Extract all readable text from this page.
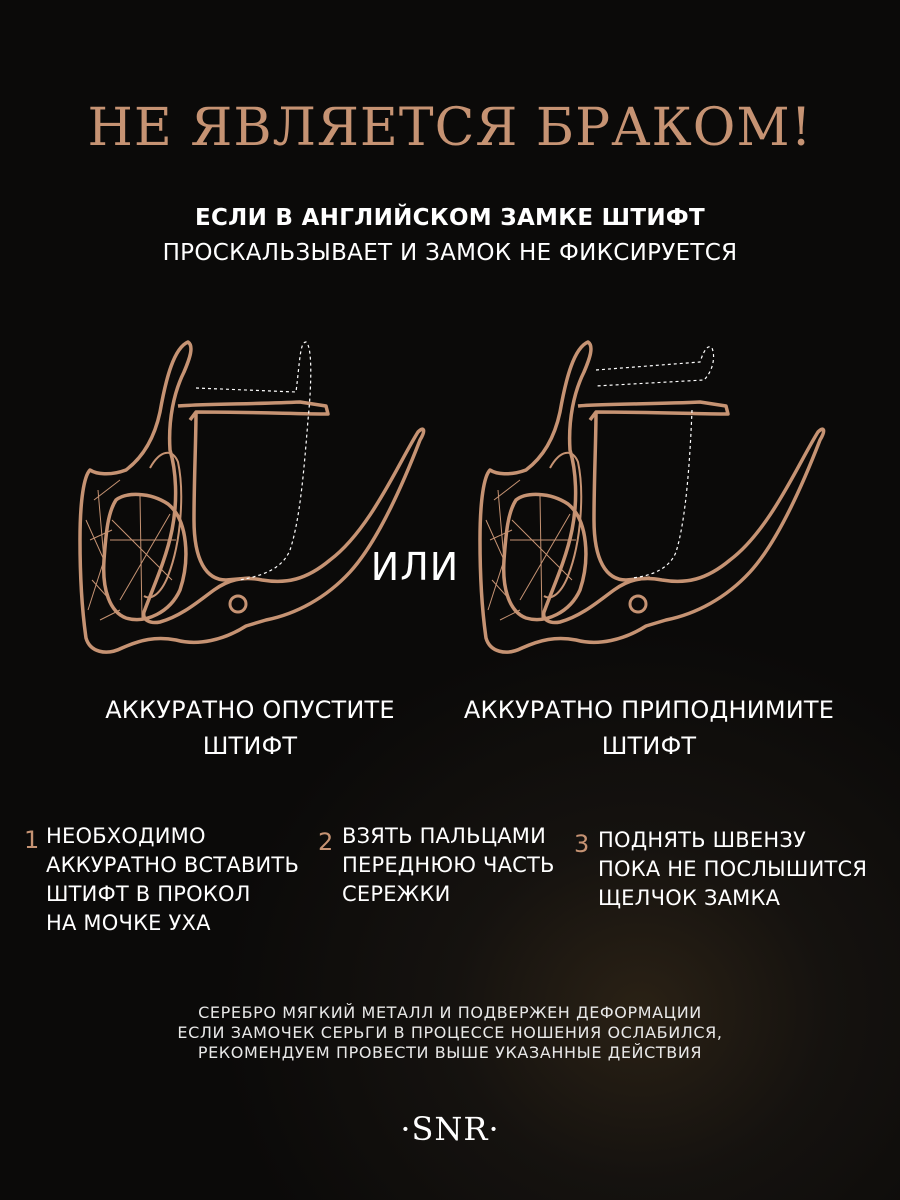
НЕ ЯВЛЯЕТСЯ БРАКОМ!
ЕСЛИ В АНГЛИЙСКОМ ЗАМКЕ ШТИФТ
ПРОСКАЛЬЗЫВАЕТ И ЗАМОК НЕ ФИКСИРУЕТСЯ
ИЛИ
АККУРАТНО ОПУСТИТЕ
ШТИФТ
АККУРАТНО ПРИПОДНИМИТЕ
ШТИФТ
1 НЕОБХОДИМО
АККУРАТНО ВСТАВИТЬ
ШТИФТ В ПРОКОЛ
НА МОЧКЕ УХА
2 ВЗЯТЬ ПАЛЬЦАМИ
ПЕРЕДНЮЮ ЧАСТЬ
СЕРЕЖКИ
3 ПОДНЯТЬ ШВЕНЗУ
ПОКА НЕ ПОСЛЫШИТСЯ
ЩЕЛЧОК ЗАМКА
СЕРЕБРО МЯГКИЙ МЕТАЛЛ И ПОДВЕРЖЕН ДЕФОРМАЦИИ
ЕСЛИ ЗАМОЧЕК СЕРЬГИ В ПРОЦЕССЕ НОШЕНИЯ ОСЛАБИЛСЯ,
РЕКОМЕНДУЕМ ПРОВЕСТИ ВЫШЕ УКАЗАННЫЕ ДЕЙСТВИЯ
·SNR·
